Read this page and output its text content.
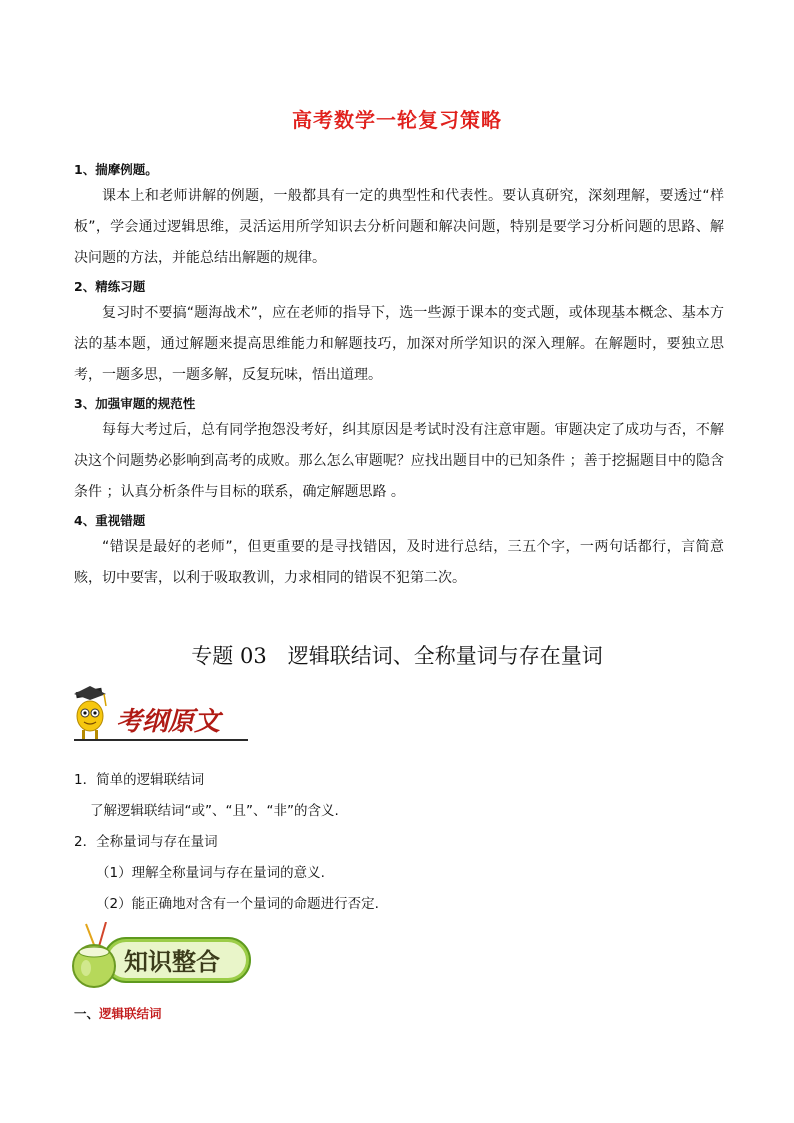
高考数学一轮复习策略
1、揣摩例题。
课本上和老师讲解的例题，一般都具有一定的典型性和代表性。要认真研究，深刻理解，要透过“样板”，学会通过逻辑思维，灵活运用所学知识去分析问题和解决问题，特别是要学习分析问题的思路、解决问题的方法，并能总结出解题的规律。
2、精练习题
复习时不要搞“题海战术”，应在老师的指导下，选一些源于课本的变式题，或体现基本概念、基本方法的基本题，通过解题来提高思维能力和解题技巧，加深对所学知识的深入理解。在解题时，要独立思考，一题多思，一题多解，反复玩味，悟出道理。
3、加强审题的规范性
每每大考过后，总有同学抱怨没考好，纠其原因是考试时没有注意审题。审题决定了成功与否，不解决这个问题势必影响到高考的成败。那么怎么审题呢？应找出题目中的已知条件 ；善于挖掘题目中的隐含条件 ；认真分析条件与目标的联系，确定解题思路 。
4、重视错题
“错误是最好的老师”，但更重要的是寻找错因，及时进行总结，三五个字，一两句话都行，言简意赅，切中要害，以利于吸取教训，力求相同的错误不犯第二次。
专题 03　逻辑联结词、全称量词与存在量词
考纲原文
1．简单的逻辑联结词
了解逻辑联结词“或”、“且”、“非”的含义.
2．全称量词与存在量词
（1）理解全称量词与存在量词的意义.
（2）能正确地对含有一个量词的命题进行否定.
知识整合
一、逻辑联结词
